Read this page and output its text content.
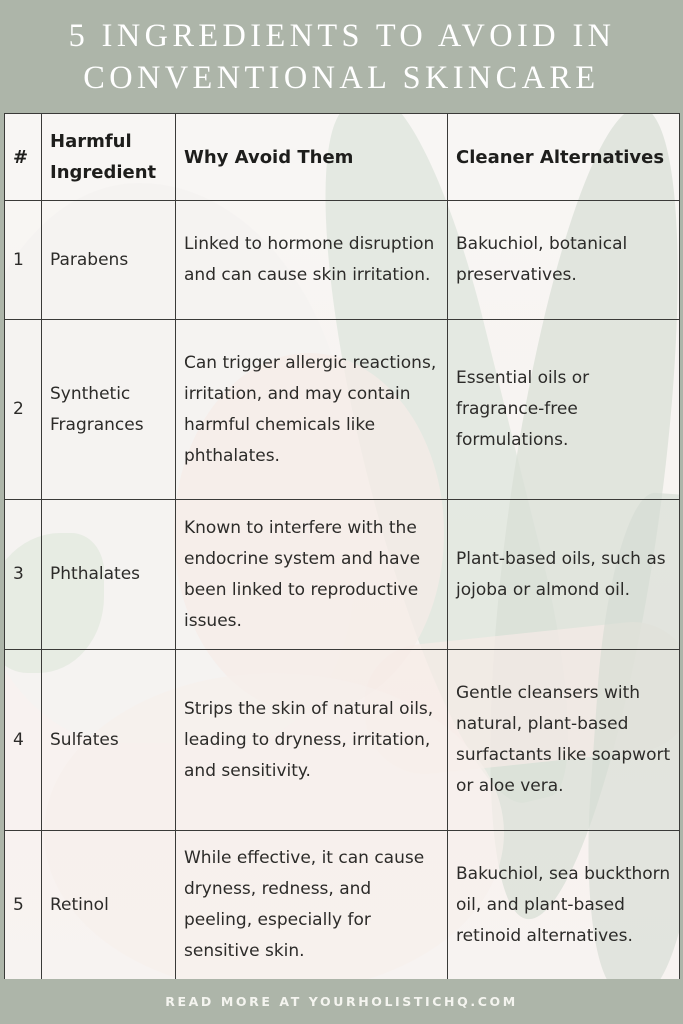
5 INGREDIENTS TO AVOID IN
CONVENTIONAL SKINCARE
#	Harmful Ingredient	Why Avoid Them	Cleaner Alternatives
1	Parabens	Linked to hormone disruption and can cause skin irritation.	Bakuchiol, botanical preservatives.
2	Synthetic Fragrances	Can trigger allergic reactions, irritation, and may contain harmful chemicals like phthalates.	Essential oils or fragrance-free formulations.
3	Phthalates	Known to interfere with the endocrine system and have been linked to reproductive issues.	Plant-based oils, such as jojoba or almond oil.
4	Sulfates	Strips the skin of natural oils, leading to dryness, irritation, and sensitivity.	Gentle cleansers with natural, plant-based surfactants like soapwort or aloe vera.
5	Retinol	While effective, it can cause dryness, redness, and peeling, especially for sensitive skin.	Bakuchiol, sea buckthorn oil, and plant-based retinoid alternatives.
READ MORE AT YOURHOLISTICHQ.COM
